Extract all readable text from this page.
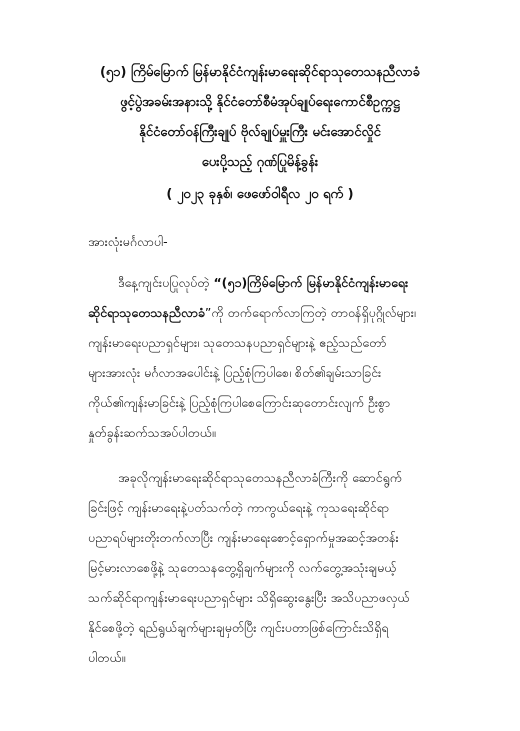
(၅၁) ကြိမ်မြောက် မြန်မာနိုင်ငံကျန်းမာရေးဆိုင်ရာသုတေသနညီလာခံ
ဖွင့်ပွဲအခမ်းအနားသို့ နိုင်ငံတော်စီမံအုပ်ချုပ်ရေးကောင်စီဥက္ကဋ္ဌ
နိုင်ငံတော်ဝန်ကြီးချုပ် ဗိုလ်ချုပ်မှူးကြီး မင်းအောင်လှိုင်
ပေးပို့သည့် ဂုဏ်ပြုမိန့်ခွန်း
( ၂၀၂၃ ခုနှစ်၊ ဖေဖော်ဝါရီလ ၂၀ ရက် )
အားလုံးမင်္ဂလာပါ-
ဒီနေ့ကျင်းပပြုလုပ်တဲ့ “(၅၁)ကြိမ်မြောက် မြန်မာနိုင်ငံကျန်းမာရေး
ဆိုင်ရာသုတေသနညီလာခံ”ကို တက်ရောက်လာကြတဲ့ တာဝန်ရှိပုဂ္ဂိုလ်များ၊
ကျန်းမာရေးပညာရှင်များ၊ သုတေသနပညာရှင်များနဲ့ ဧည့်သည်တော်
များအားလုံး မင်္ဂလာအပေါင်းနဲ့ ပြည့်စုံကြပါစေ၊ စိတ်၏ချမ်းသာခြင်း
ကိုယ်၏ကျန်းမာခြင်းနဲ့ ပြည့်စုံကြပါစေကြောင်းဆုတောင်းလျက် ဦးစွာ
နှုတ်ခွန်းဆက်သအပ်ပါတယ်။
အခုလိုကျန်းမာရေးဆိုင်ရာသုတေသနညီလာခံကြီးကို ဆောင်ရွက်
ခြင်းဖြင့် ကျန်းမာရေးနဲ့ပတ်သက်တဲ့ ကာကွယ်ရေးနဲ့ ကုသရေးဆိုင်ရာ
ပညာရပ်များတိုးတက်လာပြီး ကျန်းမာရေးစောင့်ရှောက်မှုအဆင့်အတန်း
မြင့်မားလာစေဖို့နဲ့ သုတေသနတွေ့ရှိချက်များကို လက်တွေ့အသုံးချမယ့်
သက်ဆိုင်ရာကျန်းမာရေးပညာရှင်များ သိရှိဆွေးနွေးပြီး အသိပညာဖလှယ်
နိုင်စေဖို့တဲ့ ရည်ရွယ်ချက်များချမှတ်ပြီး ကျင်းပတာဖြစ်ကြောင်းသိရှိရ
ပါတယ်။
